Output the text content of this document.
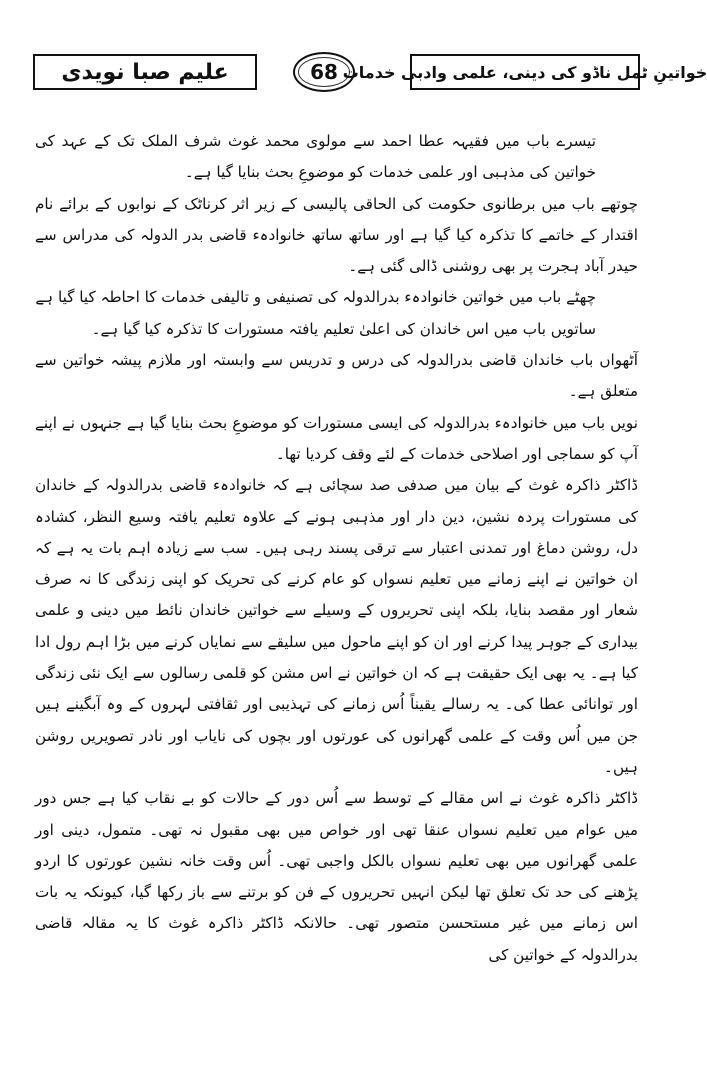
علیم صبا نویدی	68 خواتینِ ٹمل ناڈو کی دینی، علمی وادبی خدمات

تیسرے باب میں فقیہہ عطا احمد سے مولوی محمد غوث شرف الملک تک کے عہد کی خواتین کی مذہبی اور علمی خدمات کو موضوعِ بحث بنایا گیا ہے۔

چوتھے باب میں برطانوی حکومت کی الحاقی پالیسی کے زیر اثر کرناٹک کے نوابوں کے برائے نام اقتدار کے خاتمے کا تذکرہ کیا گیا ہے اور ساتھ ساتھ خانوادہء قاضی بدر الدولہ کی مدراس سے حیدر آباد ہجرت پر بھی روشنی ڈالی گئی ہے۔

چھٹے باب میں خواتین خانوادہء بدرالدولہ کی تصنیفی و تالیفی خدمات کا احاطہ کیا گیا ہے

ساتویں باب میں اس خاندان کی اعلیٰ تعلیم یافتہ مستورات کا تذکرہ کیا گیا ہے۔

آٹھواں باب خاندان قاضی بدرالدولہ کی درس و تدریس سے وابستہ اور ملازم پیشہ خواتین سے متعلق ہے۔

نویں باب میں خانوادہء بدرالدولہ کی ایسی مستورات کو موضوعِ بحث بنایا گیا ہے جنہوں نے اپنے آپ کو سماجی اور اصلاحی خدمات کے لئے وقف کردیا تھا۔

ڈاکٹر ذاکرہ غوث کے بیان میں صدفی صد سچائی ہے کہ خانوادہء قاضی بدرالدولہ کے خاندان کی مستورات پردہ نشین، دین دار اور مذہبی ہونے کے علاوہ تعلیم یافتہ وسیع النظر، کشادہ دل، روشن دماغ اور تمدنی اعتبار سے ترقی پسند رہی ہیں۔ سب سے زیادہ اہم بات یہ ہے کہ ان خواتین نے اپنے زمانے میں تعلیم نسواں کو عام کرنے کی تحریک کو اپنی زندگی کا نہ صرف شعار اور مقصد بنایا، بلکہ اپنی تحریروں کے وسیلے سے خواتین خاندان نائط میں دینی و علمی بیداری کے جوہر پیدا کرنے اور ان کو اپنے ماحول میں سلیقے سے نمایاں کرنے میں بڑا اہم رول ادا کیا ہے۔ یہ بھی ایک حقیقت ہے کہ ان خواتین نے اس مشن کو قلمی رسالوں سے ایک نئی زندگی اور توانائی عطا کی۔ یہ رسالے یقیناً اُس زمانے کی تہذیبی اور ثقافتی لہروں کے وہ آبگینے ہیں جن میں اُس وقت کے علمی گھرانوں کی عورتوں اور بچوں کی نایاب اور نادر تصویریں روشن ہیں۔

ڈاکٹر ذاکرہ غوث نے اس مقالے کے توسط سے اُس دور کے حالات کو بے نقاب کیا ہے جس دور میں عوام میں تعلیم نسواں عنقا تھی اور خواص میں بھی مقبول نہ تھی۔ متمول، دینی اور علمی گھرانوں میں بھی تعلیم نسواں بالکل واجبی تھی۔ اُس وقت خانہ نشین عورتوں کا اردو پڑھنے کی حد تک تعلق تھا لیکن انہیں تحریروں کے فن کو برتنے سے باز رکھا گیا، کیونکہ یہ بات اس زمانے میں غیر مستحسن متصور تھی۔ حالانکہ ڈاکٹر ذاکرہ غوث کا یہ مقالہ قاضی بدرالدولہ کے خواتین کی
